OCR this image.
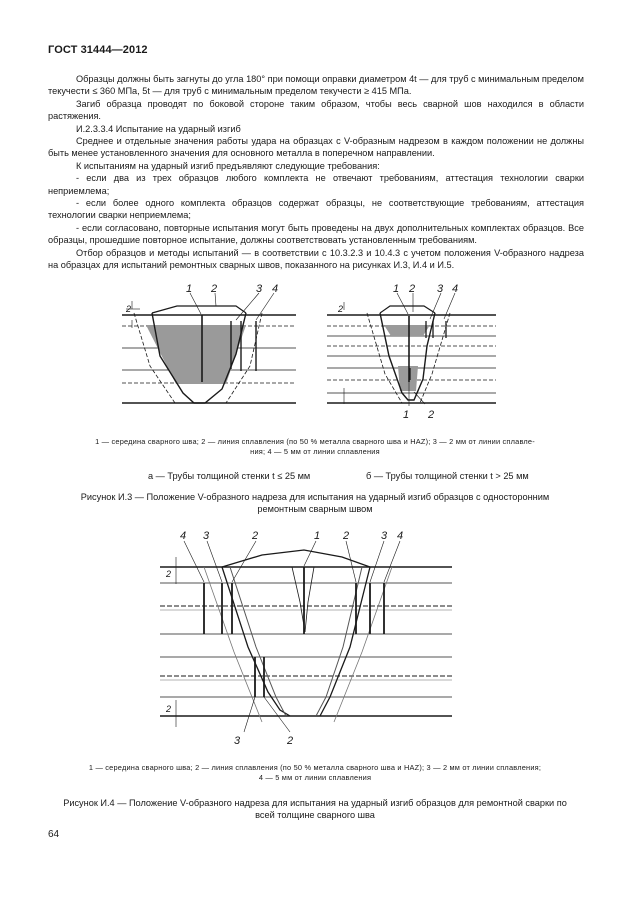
ГОСТ 31444—2012

Образцы должны быть загнуты до угла 180° при помощи оправки диаметром 4t — для труб с минимальным пределом текучести ≤ 360 МПа, 5t — для труб с минимальным пределом текучести ≥ 415 МПа.

Загиб образца проводят по боковой стороне таким образом, чтобы весь сварной шов находился в области растяжения.

И.2.3.3.4 Испытание на ударный изгиб

Среднее и отдельные значения работы удара на образцах с V-образным надрезом в каждом положении не должны быть менее установленного значения для основного металла в поперечном направлении.

К испытаниям на ударный изгиб предъявляют следующие требования:

- если два из трех образцов любого комплекта не отвечают требованиям, аттестация технологии сварки неприемлема;

- если более одного комплекта образцов содержат образцы, не соответствующие требованиям, аттестация технологии сварки неприемлема;

- если согласовано, повторные испытания могут быть проведены на двух дополнительных комплектах образцов. Все образцы, прошедшие повторное испытание, должны соответствовать установленным требованиям.

Отбор образцов и методы испытаний — в соответствии с 10.3.2.3 и 10.4.3 с учетом положения V-образного надреза на образцах для испытаний ремонтных сварных швов, показанного на рисунках И.3, И.4 и И.5.

1 2	3 4
2
1 2 3 4
2
1 2
1 — середина сварного шва; 2 — линия сплавления (по 50 % металла сварного шва и HAZ); 3 — 2 мм от линии сплавле-
ния; 4 — 5 мм от линии сплавления
а — Трубы толщиной стенки t ≤ 25 мм	б — Трубы толщиной стенки t > 25 мм
Рисунок И.3 — Положение V-образного надреза для испытания на ударный изгиб образцов с односторонним ремонтным сварным швом
4 3	2	1 2	3 4
3	2
2
2
1 — середина сварного шва; 2 — линия сплавления (по 50 % металла сварного шва и HAZ); 3 — 2 мм от линии сплавления;
4 — 5 мм от линии сплавления
Рисунок И.4 — Положение V-образного надреза для испытания на ударный изгиб образцов для ремонтной сварки по всей толщине сварного шва
64
